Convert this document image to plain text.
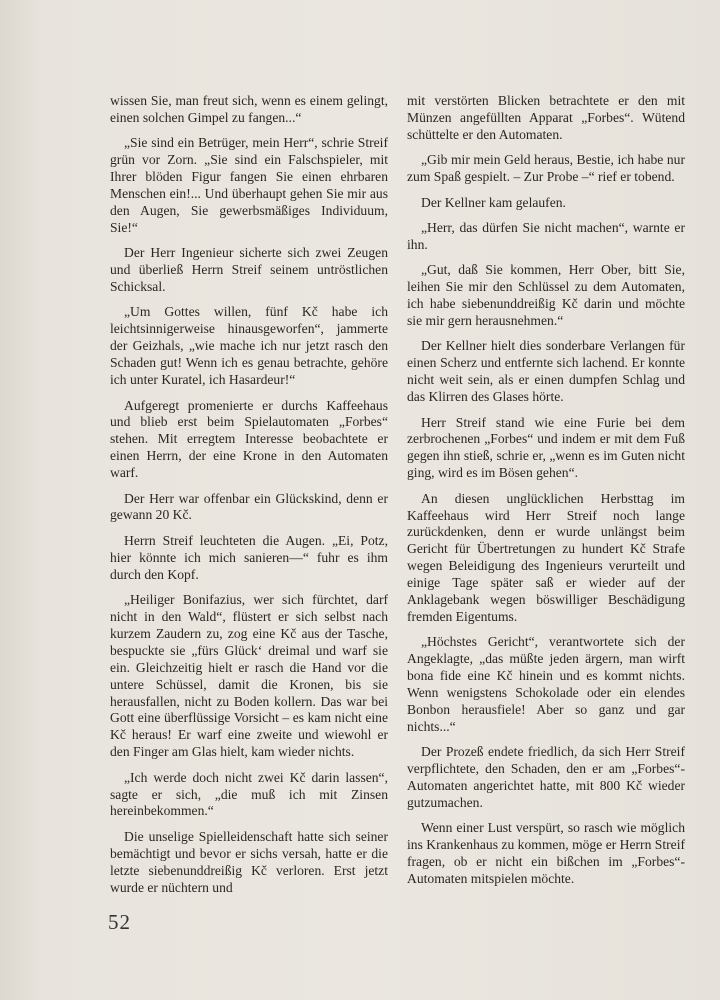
wissen Sie, man freut sich, wenn es einem gelingt, einen solchen Gimpel zu fangen...“

„Sie sind ein Betrüger, mein Herr“, schrie Streif grün vor Zorn. „Sie sind ein Falschspieler, mit Ihrer blöden Figur fangen Sie einen ehrbaren Menschen ein!... Und überhaupt gehen Sie mir aus den Augen, Sie gewerbsmäßiges Individuum, Sie!“

Der Herr Ingenieur sicherte sich zwei Zeugen und überließ Herrn Streif seinem untröstlichen Schicksal.

„Um Gottes willen, fünf Kč habe ich leichtsinnigerweise hinausgeworfen“, jammerte der Geizhals, „wie mache ich nur jetzt rasch den Schaden gut! Wenn ich es genau betrachte, gehöre ich unter Kuratel, ich Hasardeur!“

Aufgeregt promenierte er durchs Kaffeehaus und blieb erst beim Spielautomaten „Forbes“ stehen. Mit erregtem Interesse beobachtete er einen Herrn, der eine Krone in den Automaten warf.

Der Herr war offenbar ein Glückskind, denn er gewann 20 Kč.

Herrn Streif leuchteten die Augen. „Ei, Potz, hier könnte ich mich sanieren—“ fuhr es ihm durch den Kopf.

„Heiliger Bonifazius, wer sich fürchtet, darf nicht in den Wald“, flüstert er sich selbst nach kurzem Zaudern zu, zog eine Kč aus der Tasche, bespuckte sie „fürs Glück‘ dreimal und warf sie ein. Gleichzeitig hielt er rasch die Hand vor die untere Schüssel, damit die Kronen, bis sie herausfallen, nicht zu Boden kollern. Das war bei Gott eine überflüssige Vorsicht – es kam nicht eine Kč heraus! Er warf eine zweite und wiewohl er den Finger am Glas hielt, kam wieder nichts.

„Ich werde doch nicht zwei Kč darin lassen“, sagte er sich, „die muß ich mit Zinsen hereinbekommen.“

Die unselige Spielleidenschaft hatte sich seiner bemächtigt und bevor er sichs versah, hatte er die letzte siebenunddreißig Kč verloren. Erst jetzt wurde er nüchtern und

mit verstörten Blicken betrachtete er den mit Münzen angefüllten Apparat „Forbes“. Wütend schüttelte er den Automaten.

„Gib mir mein Geld heraus, Bestie, ich habe nur zum Spaß gespielt. – Zur Probe –“ rief er tobend.

Der Kellner kam gelaufen.

„Herr, das dürfen Sie nicht machen“, warnte er ihn.

„Gut, daß Sie kommen, Herr Ober, bitt Sie, leihen Sie mir den Schlüssel zu dem Automaten, ich habe siebenunddreißig Kč darin und möchte sie mir gern herausnehmen.“

Der Kellner hielt dies sonderbare Verlangen für einen Scherz und entfernte sich lachend. Er konnte nicht weit sein, als er einen dumpfen Schlag und das Klirren des Glases hörte.

Herr Streif stand wie eine Furie bei dem zerbrochenen „Forbes“ und indem er mit dem Fuß gegen ihn stieß, schrie er, „wenn es im Guten nicht ging, wird es im Bösen gehen“.

An diesen unglücklichen Herbsttag im Kaffeehaus wird Herr Streif noch lange zurückdenken, denn er wurde unlängst beim Gericht für Übertretungen zu hundert Kč Strafe wegen Beleidigung des Ingenieurs verurteilt und einige Tage später saß er wieder auf der Anklagebank wegen böswilliger Beschädigung fremden Eigentums.

„Höchstes Gericht“, verantwortete sich der Angeklagte, „das müßte jeden ärgern, man wirft bona fide eine Kč hinein und es kommt nichts. Wenn wenigstens Schokolade oder ein elendes Bonbon herausfiele! Aber so ganz und gar nichts...“

Der Prozeß endete friedlich, da sich Herr Streif verpflichtete, den Schaden, den er am „Forbes“-Automaten angerichtet hatte, mit 800 Kč wieder gutzumachen.

Wenn einer Lust verspürt, so rasch wie möglich ins Krankenhaus zu kommen, möge er Herrn Streif fragen, ob er nicht ein bißchen im „Forbes“-Automaten mitspielen möchte.

52
